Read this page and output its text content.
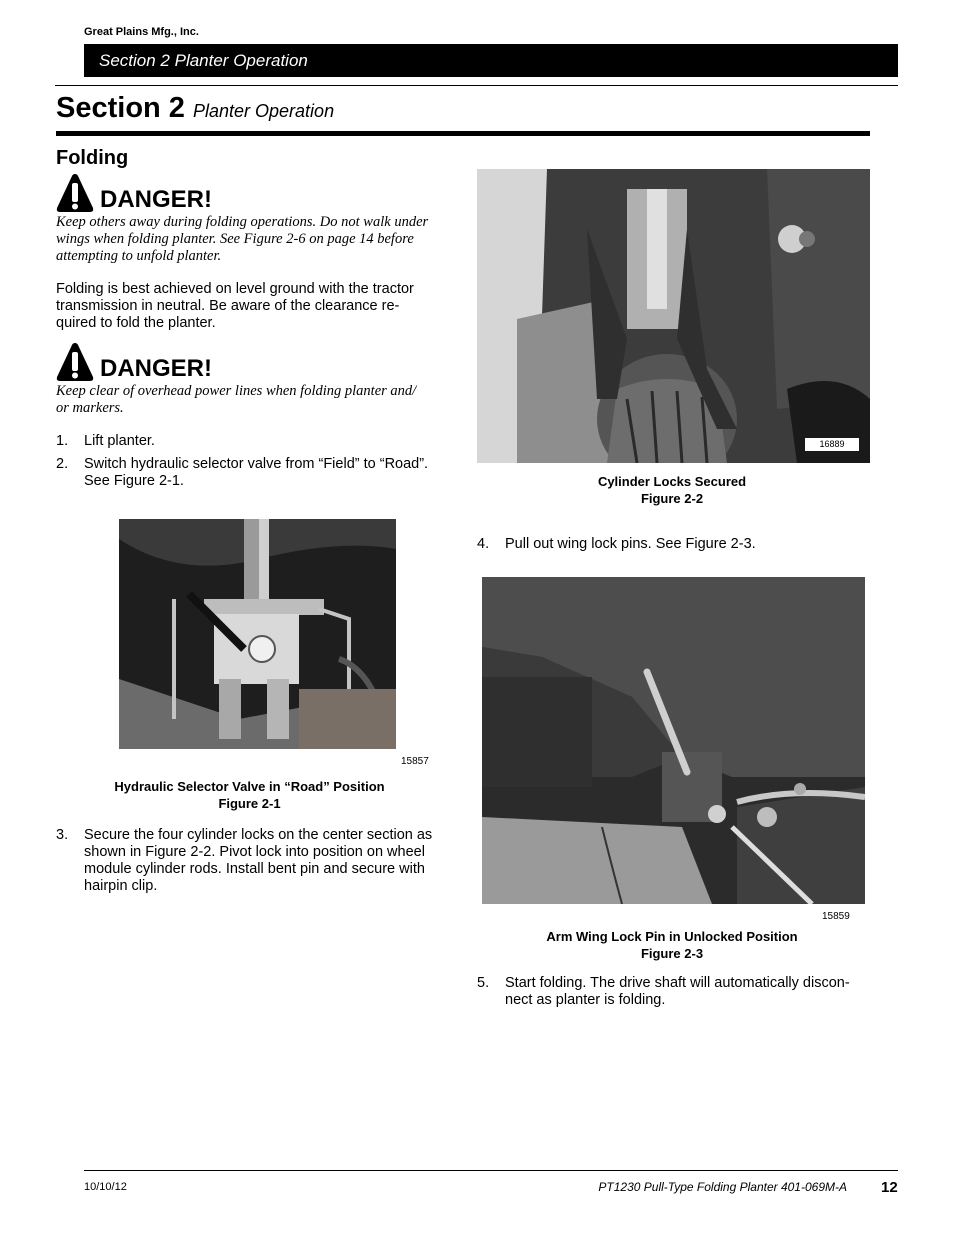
Great Plains Mfg., Inc.
Section 2 Planter Operation
Section 2 Planter Operation
Folding
DANGER!
Keep others away during folding operations. Do not walk under
wings when folding planter. See Figure 2-6 on page 14 before
attempting to unfold planter.
Folding is best achieved on level ground with the tractor
transmission in neutral. Be aware of the clearance re-
quired to fold the planter.
DANGER!
Keep clear of overhead power lines when folding planter and/
or markers.
1. Lift planter.
2. Switch hydraulic selector valve from “Field” to “Road”.
See Figure 2-1.
15857
Hydraulic Selector Valve in “Road” Position
Figure 2-1
3. Secure the four cylinder locks on the center section as
shown in Figure 2-2. Pivot lock into position on wheel
module cylinder rods. Install bent pin and secure with
hairpin clip.
16889
Cylinder Locks Secured
Figure 2-2
4. Pull out wing lock pins. See Figure 2-3.
15859
Arm Wing Lock Pin in Unlocked Position
Figure 2-3
5. Start folding. The drive shaft will automatically discon-
nect as planter is folding.
10/10/12	PT1230 Pull-Type Folding Planter 401-069M-A 12
